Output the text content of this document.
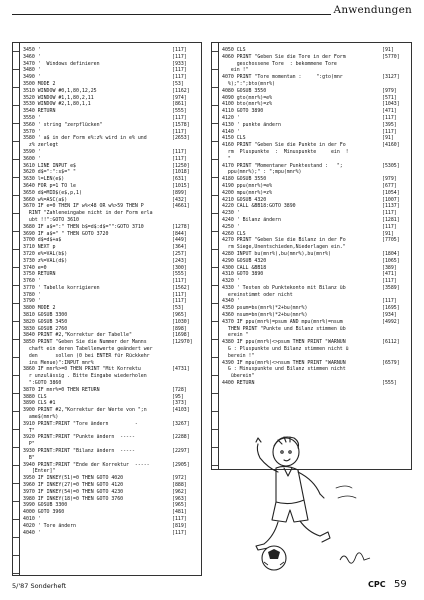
Anwendungen
3450 '	[117]
3460 '	[117]
3470 '  Windows definieren	[933]
3480 '	[117]
3490 '	[117]
3500 MODE 2	[53]
3510 WINDOW #0,1,80,12,25	[1162]
3520 WINDOW #1,1,80,2,11	[974]
3530 WINDOW #2,1,80,1,1	[861]
3540 RETURN	[555]
3550 '	[117]
3560 ' string "zerpflücken"	[1578]
3570 '	[117]
3580 ' a$ in der Form e%:z% wird in e% und	[2653]
z% zerlegt
3590 '	[117]
3600 '	[117]
3610 LINE INPUT e$	[1250]
3620 d$=":":s$=" "	[1018]
3630 l=LEN(e$)	[631]
3640 FOR p=1 TO le	[1015]
3650 d$=MID$(e$,p,1)	[899]
3660 w%=ASC(a$)	[432]
3670 IF e=0 THEN IF w%<48 OR w%>59 THEN P	[4661]
RINT "Zahleneingabe nicht in der Form erla
ubt !!":GOTO 3610
3680 IF a$=":" THEN b$=d$:d$="":GOTO 3710	[1278]
3690 IF a$=" " THEN GOTO 3720	[844]
3700 d$=d$+a$	[449]
3710 NEXT p	[364]
3720 e%=VAL(b$)	[257]
3730 z%=VAL(d$)	[243]
3740 e=0	[300]
3750 RETURN	[555]
3760 '	[117]
3770 ' Tabelle korrigieren	[1562]
3780 '	[117]
3790 '	[117]
3800 MODE 2	[53]
3810 GOSUB 3300	[965]
3820 GOSUB 3450	[1030]
3830 GOSUB 2760	[898]
3840 PRINT #2,"Korrektur der Tabelle"	[1698]
3850 PRINT "Geben Sie die Nummer der Manns	[12970]
chaft ein deren Tabellenwerte geändert wer
den      sollen (0 bei ENTER für Rückkehr
ins Menue)":INPUT mnr%
3860 IF mnr%>=0 THEN PRINT "Mit Korrektu	[4731]
r unzulässig . Bitte Eingabe wiederholen
":GOTO 3860
3870 IF mnr%=0 THEN RETURN	[728]
3880 CLS	[95]
3890 CLS #1	[373]
3900 PRINT #2,"Korrektur der Werte von ";n	[4103]
ame$(mnr%)
3910 PRINT:PRINT "Tore ändern         -	[3267]
T"
3920 PRINT:PRINT "Punkte ändern  -----	[2288]
P"
3930 PRINT:PRINT "Bilanz ändern  -----	[2297]
B"
3940 PRINT:PRINT "Ende der Korrektur  -----	[2905]
[Enter]"
3950 IF INKEY(51)=0 THEN GOTO 4020	[972]
3960 IF INKEY(27)=0 THEN GOTO 4120	[888]
3970 IF INKEY(54)=0 THEN GOTO 4230	[962]
3980 IF INKEY(18)=0 THEN GOTO 3760	[963]
3990 GOSUB 3300	[965]
4000 GOTO 3960	[481]
4010 '	[117]
4020 ' Tore ändern	[819]
4040 '	[117]
4050 CLS	[91]
4060 PRINT "Geben Sie die Tore in der Form	[5770]
geschossene Tore  : bekommene Tore
ein !"
4070 PRINT "Tore momentan :     ":gto(mnr	[3127]
%);":";bto(mnr%)
4080 GOSUB 3550	[979]
4090 gto(mnr%)=e%	[571]
4100 bto(mnr%)=z%	[1043]
4110 GOTO 3890	[471]
4120 '	[117]
4130 ' punkte ändern	[395]
4140 '	[117]
4150 CLS	[91]
4160 PRINT "Geben Sie die Punkte in der Fo	[4160]
rm  Pluspunkte  :  Minuspunkte     ein  !
"
4170 PRINT "Momentaner Punktestand :   ";	[5305]
ppu(mnr%);" : ";mpu(mnr%)
4180 GOSUB 3550	[979]
4190 ppu(mnr%)=e%	[677]
4200 mpu(mnr%)=z%	[1054]
4210 GOSUB 4320	[1007]
4220 CALL &BB18:GOTO 3890	[1137]
4230 '	[117]
4240 ' Bilanz ändern	[1281]
4250 '	[117]
4260 CLS	[91]
4270 PRINT "Geben Sie die Bilanz in der Fo	[7705]
rm Siege,Unentschieden,Niederlagen ein."
4280 INPUT bu(mnr%),bu(mnr%),bu(mnr%)	[1804]
4290 GOSUB 4320	[1065]
4300 CALL &BB18	[389]
4310 GOTO 3890	[471]
4320 '	[117]
4330 ' Testen ob Punktekonto mit Bilanz üb	[3589]
ereinstimmt oder nicht
4340 '	[117]
4350 psum=bs(mnr%)*2+bu(mnr%)	[1695]
4360 nsum=bn(mnr%)*2+bu(mnr%)	[934]
4370 IF ppu(mnr%)=psum AND mpu(mnr%)=nsum	[4992]
THEN PRINT "Punkte und Bilanz stimmen üb
erein "
4380 IF ppu(mnr%)<>psum THEN PRINT "WARNUN	[6112]
G : Pluspunkte und Bilanz stimmen nicht ü
berein !"
4390 IF mpu(mnr%)<>nsum THEN PRINT "WARNUN	[6579]
G : Minuspunkte und Bilanz stimmen nicht
überein"
4400 RETURN	[555]
5/'87 Sonderheft	CPC 59
